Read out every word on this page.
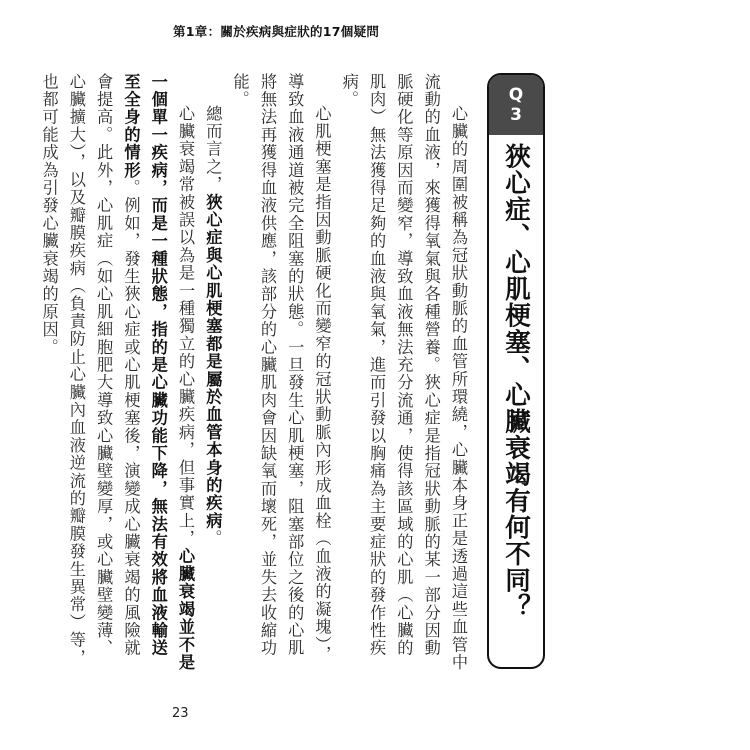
第1章：關於疾病與症狀的17個疑問
Q
3
狹心症、心肌梗塞、心臟衰竭有何不同？

心臟的周圍被稱為冠狀動脈的血管所環繞，心臟本身正是透過這些血管中流動的血液，來獲得氧氣與各種營養。狹心症是指冠狀動脈的某一部分因動脈硬化等原因而變窄，導致血液無法充分流通，使得該區域的心肌（心臟的肌肉）無法獲得足夠的血液與氧氣，進而引發以胸痛為主要症狀的發作性疾病。

心肌梗塞是指因動脈硬化而變窄的冠狀動脈內形成血栓（血液的凝塊），導致血液通道被完全阻塞的狀態。一旦發生心肌梗塞，阻塞部位之後的心肌將無法再獲得血液供應，該部分的心臟肌肉會因缺氧而壞死，並失去收縮功能。

總而言之，狹心症與心肌梗塞都是屬於血管本身的疾病。

心臟衰竭常被誤以為是一種獨立的心臟疾病，但事實上，心臟衰竭並不是一個單一疾病，而是一種狀態，指的是心臟功能下降，無法有效將血液輸送至全身的情形。例如，發生狹心症或心肌梗塞後，演變成心臟衰竭的風險就會提高。此外，心肌症（如心肌細胞肥大導致心臟壁變厚，或心臟壁變薄、心臟擴大），以及瓣膜疾病（負責防止心臟內血液逆流的瓣膜發生異常）等，也都可能成為引發心臟衰竭的原因。

23
